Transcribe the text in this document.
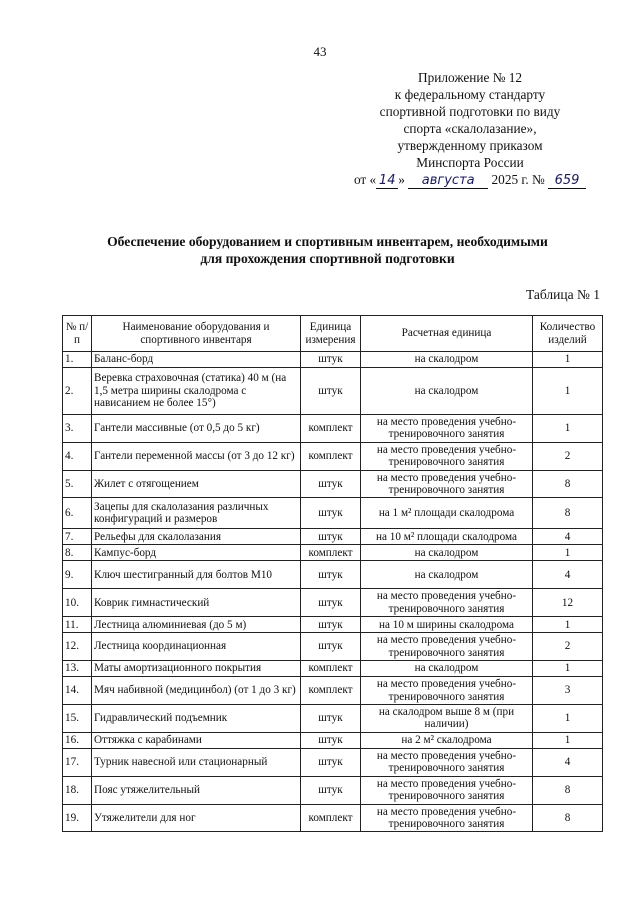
43
Приложение № 12
к федеральному стандарту
спортивной подготовки по виду
спорта «скалолазание»,
утвержденному приказом
Минспорта России
от « 14 » августа 2025 г. № 659
Обеспечение оборудованием и спортивным инвентарем, необходимыми
для прохождения спортивной подготовки
Таблица № 1
№ п/п	Наименование оборудования и спортивного инвентаря	Единица измерения	Расчетная единица	Количество изделий
1.	Баланс-борд	штук	на скалодром	1
2.	Веревка страховочная (статика) 40 м (на 1,5 метра ширины скалодрома с нависанием не более 15°)	штук	на скалодром	1
3.	Гантели массивные (от 0,5 до 5 кг)	комплект	на место проведения учебно-тренировочного занятия	1
4.	Гантели переменной массы (от 3 до 12 кг)	комплект	на место проведения учебно-тренировочного занятия	2
5.	Жилет с отягощением	штук	на место проведения учебно-тренировочного занятия	8
6.	Зацепы для скалолазания различных конфигураций и размеров	штук	на 1 м² площади скалодрома	8
7.	Рельефы для скалолазания	штук	на 10 м² площади скалодрома	4
8.	Кампус-борд	комплект	на скалодром	1
9.	Ключ шестигранный для болтов М10	штук	на скалодром	4
10.	Коврик гимнастический	штук	на место проведения учебно-тренировочного занятия	12
11.	Лестница алюминиевая (до 5 м)	штук	на 10 м ширины скалодрома	1
12.	Лестница координационная	штук	на место проведения учебно-тренировочного занятия	2
13.	Маты амортизационного покрытия	комплект	на скалодром	1
14.	Мяч набивной (медицинбол) (от 1 до 3 кг)	комплект	на место проведения учебно-тренировочного занятия	3
15.	Гидравлический подъемник	штук	на скалодром выше 8 м (при наличии)	1
16.	Оттяжка с карабинами	штук	на 2 м² скалодрома	1
17.	Турник навесной или стационарный	штук	на место проведения учебно-тренировочного занятия	4
18.	Пояс утяжелительный	штук	на место проведения учебно-тренировочного занятия	8
19.	Утяжелители для ног	комплект	на место проведения учебно-тренировочного занятия	8
